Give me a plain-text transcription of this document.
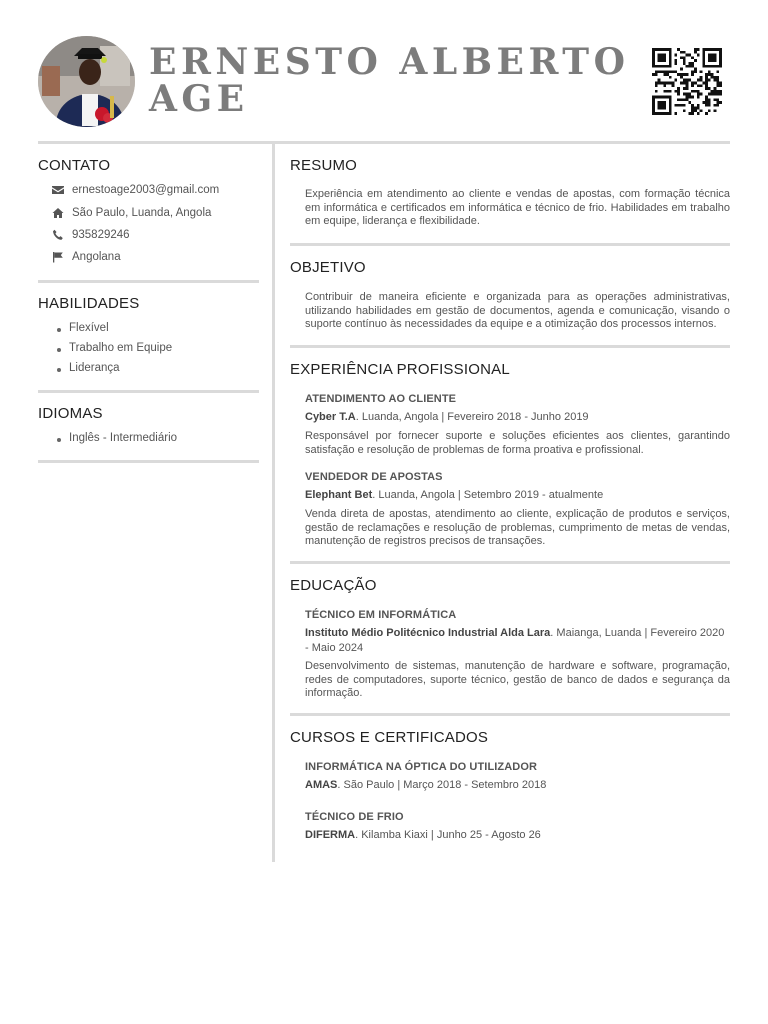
ERNESTO ALBERTO
AGE
CONTATO
ernestoage2003@gmail.com
São Paulo, Luanda, Angola
935829246
Angolana
HABILIDADES
Flexível
Trabalho em Equipe
Liderança
IDIOMAS
Inglês - Intermediário
RESUMO
Experiência em atendimento ao cliente e vendas de apostas, com formação técnica em informática e certificados em informática e técnico de frio. Habilidades em trabalho em equipe, liderança e flexibilidade.
OBJETIVO
Contribuir de maneira eficiente e organizada para as operações administrativas, utilizando habilidades em gestão de documentos, agenda e comunicação, visando o suporte contínuo às necessidades da equipe e a otimização dos processos internos.
EXPERIÊNCIA PROFISSIONAL
ATENDIMENTO AO CLIENTE
Cyber T.A. Luanda, Angola | Fevereiro 2018 - Junho 2019
Responsável por fornecer suporte e soluções eficientes aos clientes, garantindo satisfação e resolução de problemas de forma proativa e profissional.
VENDEDOR DE APOSTAS
Elephant Bet. Luanda, Angola | Setembro 2019 - atualmente
Venda direta de apostas, atendimento ao cliente, explicação de produtos e serviços, gestão de reclamações e resolução de problemas, cumprimento de metas de vendas, manutenção de registros precisos de transações.
EDUCAÇÃO
TÉCNICO EM INFORMÁTICA
Instituto Médio Politécnico Industrial Alda Lara. Maianga, Luanda | Fevereiro 2020 - Maio 2024
Desenvolvimento de sistemas, manutenção de hardware e software, programação, redes de computadores, suporte técnico, gestão de banco de dados e segurança da informação.
CURSOS E CERTIFICADOS
INFORMÁTICA NA ÓPTICA DO UTILIZADOR
AMAS. São Paulo | Março 2018 - Setembro 2018
TÉCNICO DE FRIO
DIFERMA. Kilamba Kiaxi | Junho 25 - Agosto 26
